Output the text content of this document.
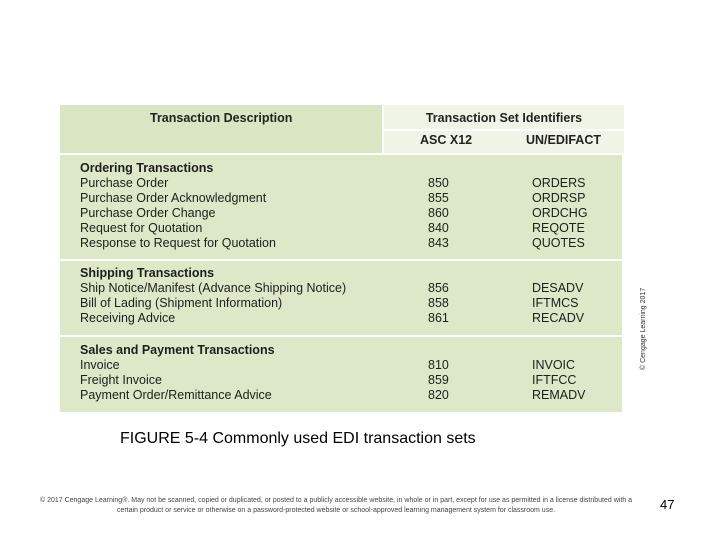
Transaction Description	Transaction Set Identifiers
ASC X12	UN/EDIFACT
Ordering Transactions
Purchase Order	850	ORDERS
Purchase Order Acknowledgment	855	ORDRSP
Purchase Order Change	860	ORDCHG
Request for Quotation	840	REQOTE
Response to Request for Quotation	843	QUOTES
Shipping Transactions
Ship Notice/Manifest (Advance Shipping Notice)	856	DESADV
Bill of Lading (Shipment Information)	858	IFTMCS
Receiving Advice	861	RECADV
Sales and Payment Transactions
Invoice	810	INVOIC
Freight Invoice	859	IFTFCC
Payment Order/Remittance Advice	820	REMADV
© Cengage Learning 2017
FIGURE 5-4 Commonly used EDI transaction sets
© 2017 Cengage Learning®. May not be scanned, copied or duplicated, or posted to a publicly accessible website, in whole or in part, except for use as permitted in a license distributed with a certain product or service or otherwise on a password-protected website or school-approved learning management system for classroom use.	47
